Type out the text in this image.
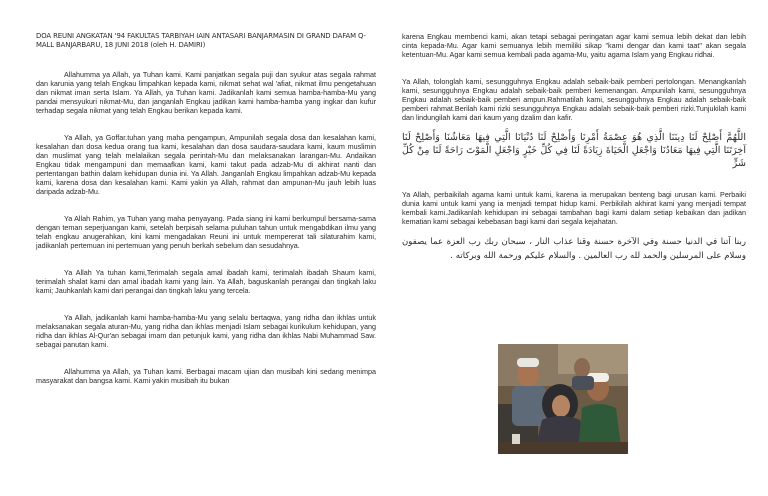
DOA REUNI ANGKATAN '94 FAKULTAS TARBIYAH IAIN ANTASARI BANJARMASIN DI GRAND DAFAM Q-MALL BANJARBARU, 18 JUNI 2018 (oleh H. DAMIRI)

Allahumma ya Allah, ya Tuhan kami. Kami panjatkan segala puji dan syukur atas segala rahmat dan karunia yang telah Engkau limpahkan kepada kami, nikmat sehat wal 'afiat, nikmat ilmu pengetahuan dan nikmat iman serta Islam. Ya Allah, ya Tuhan kami. Jadikanlah kami semua hamba-hamba-Mu yang pandai mensyukuri nikmat-Mu, dan janganlah Engkau jadikan kami hamba-hamba yang ingkar dan kufur terhadap segala nikmat yang telah Engkau berikan kepada kami.

Ya Allah, ya Goffar.tuhan yang maha pengampun, Ampunilah segala dosa dan kesalahan kami, kesalahan dan dosa kedua orang tua kami, kesalahan dan dosa saudara-saudara kami, kaum muslimin dan muslimat yang telah melalaikan segala perintah-Mu dan melaksanakan larangan-Mu. Andaikan Engkau tidak mengampuni dan memaafkan kami, kami takut pada adzab-Mu di akhirat nanti dan pertentangan bathin dalam kehidupan dunia ini. Ya Allah. Janganlah Engkau limpahkan adzab-Mu kepada kami, karena dosa dan kesalahan kami. Kami yakin ya Allah, rahmat dan ampunan-Mu jauh lebih luas daripada adzab-Mu.

Ya Allah Rahim, ya Tuhan yang maha penyayang. Pada siang ini kami berkumpul bersama-sama dengan teman seperjuangan kami, setelah berpisah selama puluhan tahun untuk mengabdikan ilmu yang telah engkau anugerahkan, kini kami mengadakan Reuni ini untuk mempererat tali silaturahim kami, jadikanlah pertemuan ini pertemuan yang penuh berkah sebelum dan sesudahnya.

Ya Allah Ya tuhan kami,Terimalah segala amal ibadah kami, terimalah ibadah Shaum kami, terimalah shalat kami dan amal ibadah kami yang lain. Ya Allah, baguskanlah perangai dan tingkah laku kami; Jauhkanlah kami dari perangai dan tingkah laku yang tercela.

Ya Allah, jadikanlah kami hamba-hamba-Mu yang selalu bertaqwa, yang ridha dan ikhlas untuk melaksanakan segala aturan-Mu, yang ridha dan ikhlas menjadi Islam sebagai kurikulum kehidupan, yang ridha dan ikhlas Al-Qur'an sebagai imam dan petunjuk kami, yang ridha dan ikhlas Nabi Muhammad Saw. sebagai panutan kami.

Allahumma ya Allah, ya Tuhan kami. Berbagai macam ujian dan musibah kini sedang menimpa masyarakat dan bangsa kami. Kami yakin musibah itu bukan

karena Engkau membenci kami, akan tetapi sebagai peringatan agar kami semua lebih dekat dan lebih cinta kepada-Mu. Agar kami semuanya lebih memiliki sikap "kami dengar dan kami taat" akan segala ketentuan-Mu. Agar kami semua kembali pada agama-Mu, yaitu agama Islam yang Engkau ridhai.

Ya Allah, tolonglah kami, sesungguhnya Engkau adalah sebaik-baik pemberi pertolongan. Menangkanlah kami, sesungguhnya Engkau adalah sebaik-baik pemberi kemenangan. Ampunilah kami, sesungguhnya Engkau adalah sebaik-baik pemberi ampun.Rahmatilah kami, sesungguhnya Engkau adalah sebaik-baik pemberi rahmat.Berilah kami rizki sesungguhnya Engkau adalah sebaik-baik pemberi rizki.Tunjukilah kami dan lindungilah kami dari kaum yang dzalim dan kafir.

اللَّهُمَّ أَصْلِحْ لَنَا دِينَنَا الَّذِي هُوَ عِصْمَةُ أَمْرِنَا وَأَصْلِحْ لَنَا دُنْيَانَا الَّتِي فِيهَا مَعَاشُنَا وَأَصْلِحْ لَنَا آخِرَتَنَا الَّتِي فِيهَا مَعَادُنَا وَاجْعَلِ الْحَيَاةَ زِيَادَةً لَنَا فِي كُلِّ خَيْرٍ وَاجْعَلِ الْمَوْتَ رَاحَةً لَنَا مِنْ كُلِّ شَرٍّ

Ya Allah, perbaikilah agama kami untuk kami, karena ia merupakan benteng bagi urusan kami. Perbaiki dunia kami untuk kami yang ia menjadi tempat hidup kami. Perbikilah akhirat kami yang menjadi tempat kembali kami.Jadikanlah kehidupan ini sebagai tambahan bagi kami dalam setiap kebaikan dan jadikan kematian kami sebagai kebebasan bagi kami dari segala kejahatan.

ربنا آتنا في الدنيا حسنة وفي الآخرة حسنة وقنا عذاب النار ، سبحان ربك رب العزة عما يصفون وسلام على المرسلين والحمد لله رب العالمين . والسلام عليكم ورحمة الله وبركاته .
